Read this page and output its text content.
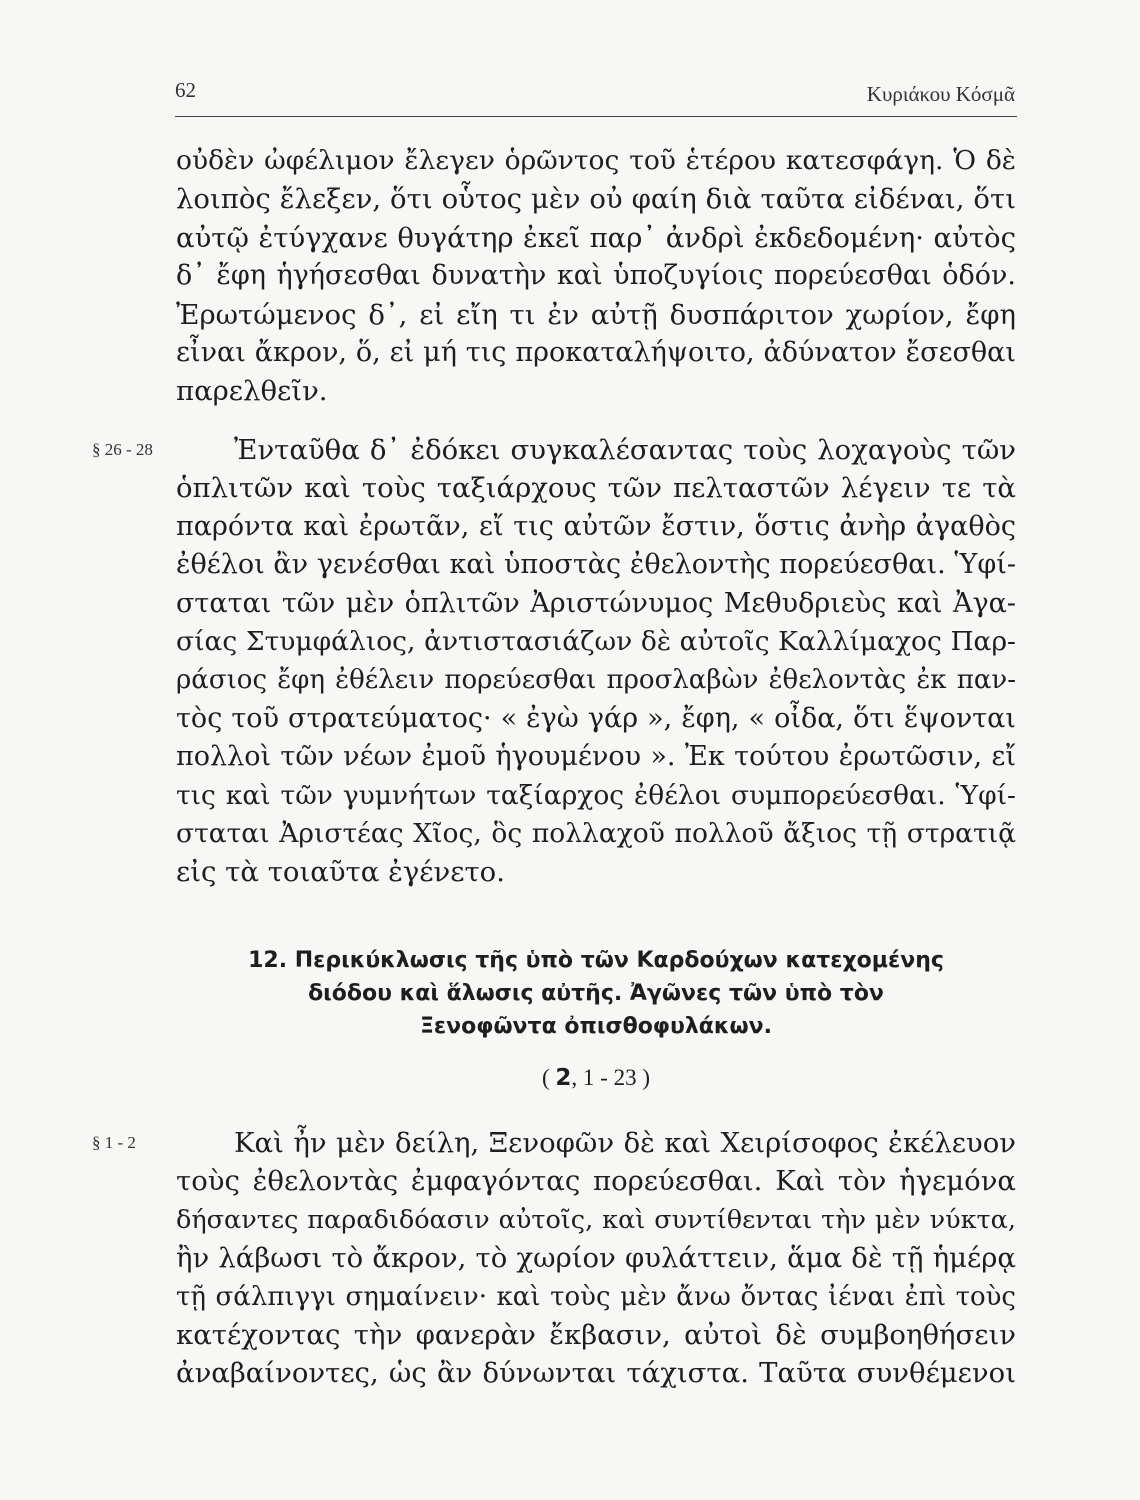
62	Κυριάκου Κόσμᾶ
οὐδὲν ὠφέλιμον ἔλεγεν ὁρῶντος τοῦ ἑτέρου κατεσφάγη. Ὁ δὲ
λοιπὸς ἔλεξεν, ὅτι οὗτος μὲν οὐ φαίη διὰ ταῦτα εἰδέναι, ὅτι
αὐτῷ ἐτύγχανε θυγάτηρ ἐκεῖ παρ᾽ ἀνδρὶ ἐκδεδομένη· αὐτὸς
δ᾽ ἔφη ἡγήσεσθαι δυνατὴν καὶ ὑποζυγίοις πορεύεσθαι ὁδόν.
Ἐρωτώμενος δ᾽, εἰ εἴη τι ἐν αὐτῇ δυσπάριτον χωρίον, ἔφη
εἶναι ἄκρον, ὅ, εἰ μή τις προκαταλήψοιτο, ἀδύνατον ἔσεσθαι
παρελθεῖν.
§ 26 - 28	Ἐνταῦθα δ᾽ ἐδόκει συγκαλέσαντας τοὺς λοχαγοὺς τῶν
ὁπλιτῶν καὶ τοὺς ταξιάρχους τῶν πελταστῶν λέγειν τε τὰ
παρόντα καὶ ἐρωτᾶν, εἴ τις αὐτῶν ἔστιν, ὅστις ἀνὴρ ἀγαθὸς
ἐθέλοι ἂν γενέσθαι καὶ ὑποστὰς ἐθελοντὴς πορεύεσθαι. Ὑφί-
σταται τῶν μὲν ὁπλιτῶν Ἀριστώνυμος Μεθυδριεὺς καὶ Ἀγα-
σίας Στυμφάλιος, ἀντιστασιάζων δὲ αὐτοῖς Καλλίμαχος Παρ-
ράσιος ἔφη ἐθέλειν πορεύεσθαι προσλαβὼν ἐθελοντὰς ἐκ παν-
τὸς τοῦ στρατεύματος· « ἐγὼ γάρ », ἔφη, « οἶδα, ὅτι ἕψονται
πολλοὶ τῶν νέων ἐμοῦ ἡγουμένου ». Ἐκ τούτου ἐρωτῶσιν, εἴ
τις καὶ τῶν γυμνήτων ταξίαρχος ἐθέλοι συμπορεύεσθαι. Ὑφί-
σταται Ἀριστέας Χῖος, ὃς πολλαχοῦ πολλοῦ ἄξιος τῇ στρατιᾷ
εἰς τὰ τοιαῦτα ἐγένετο.
12. Περικύκλωσις τῆς ὑπὸ τῶν Καρδούχων κατεχομένης
διόδου καὶ ἅλωσις αὐτῆς. Ἀγῶνες τῶν ὑπὸ τὸν
Ξενοφῶντα ὀπισθοφυλάκων.
( 2, 1 - 23 )
§ 1 - 2	Καὶ ἦν μὲν δείλη, Ξενοφῶν δὲ καὶ Χειρίσοφος ἐκέλευον
τοὺς ἐθελοντὰς ἐμφαγόντας πορεύεσθαι. Καὶ τὸν ἡγεμόνα
δήσαντες παραδιδόασιν αὐτοῖς, καὶ συντίθενται τὴν μὲν νύκτα,
ἢν λάβωσι τὸ ἄκρον, τὸ χωρίον φυλάττειν, ἅμα δὲ τῇ ἡμέρᾳ
τῇ σάλπιγγι σημαίνειν· καὶ τοὺς μὲν ἄνω ὄντας ἰέναι ἐπὶ τοὺς
κατέχοντας τὴν φανερὰν ἔκβασιν, αὐτοὶ δὲ συμβοηθήσειν
ἀναβαίνοντες, ὡς ἂν δύνωνται τάχιστα. Ταῦτα συνθέμενοι
